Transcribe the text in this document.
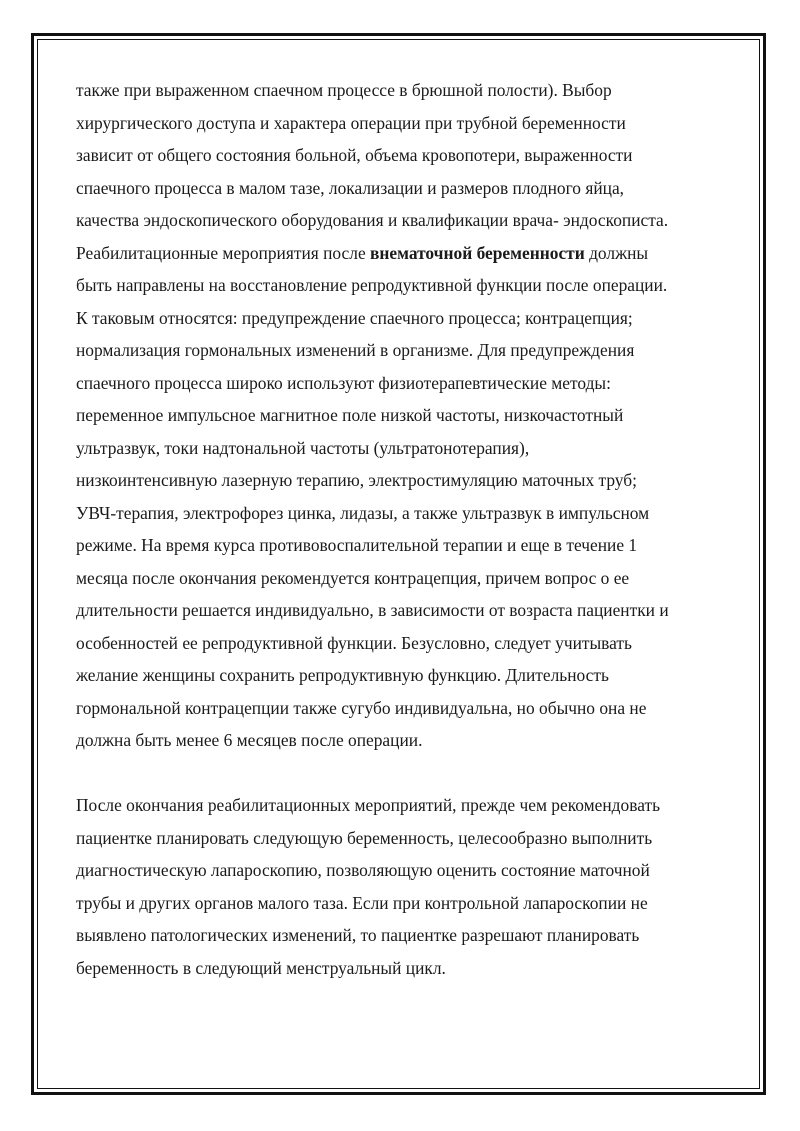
также при выраженном спаечном процессе в брюшной полости). Выбор
хирургического доступа и характера операции при трубной беременности
зависит от общего состояния больной, объема кровопотери, выраженности
спаечного процесса в малом тазе, локализации и размеров плодного яйца,
качества эндоскопического оборудования и квалификации врача- эндоскописта.
Реабилитационные мероприятия после внематочной беременности должны
быть направлены на восстановление репродуктивной функции после операции.
К таковым относятся: предупреждение спаечного процесса; контрацепция;
нормализация гормональных изменений в организме. Для предупреждения
спаечного процесса широко используют физиотерапевтические методы:
переменное импульсное магнитное поле низкой частоты, низкочастотный
ультразвук, токи надтональной частоты (ультратонотерапия),
низкоинтенсивную лазерную терапию, электростимуляцию маточных труб;
УВЧ-терапия, электрофорез цинка, лидазы, а также ультразвук в импульсном
режиме. На время курса противовоспалительной терапии и еще в течение 1
месяца после окончания рекомендуется контрацепция, причем вопрос о ее
длительности решается индивидуально, в зависимости от возраста пациентки и
особенностей ее репродуктивной функции. Безусловно, следует учитывать
желание женщины сохранить репродуктивную функцию. Длительность
гормональной контрацепции также сугубо индивидуальна, но обычно она не
должна быть менее 6 месяцев после операции.
После окончания реабилитационных мероприятий, прежде чем рекомендовать
пациентке планировать следующую беременность, целесообразно выполнить
диагностическую лапароскопию, позволяющую оценить состояние маточной
трубы и других органов малого таза. Если при контрольной лапароскопии не
выявлено патологических изменений, то пациентке разрешают планировать
беременность в следующий менструальный цикл.
